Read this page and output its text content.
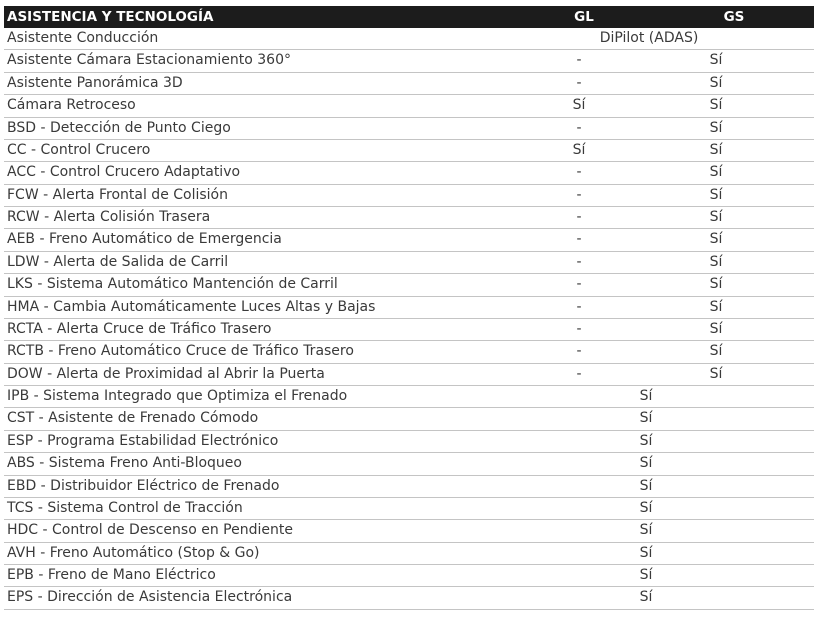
ASISTENCIA Y TECNOLOGÍA	GL	GS
Asistente Conducción	DiPilot (ADAS)
Asistente Cámara Estacionamiento 360°	-	Sí
Asistente Panorámica 3D	-	Sí
Cámara Retroceso	Sí	Sí
BSD - Detección de Punto Ciego	-	Sí
CC - Control Crucero	Sí	Sí
ACC - Control Crucero Adaptativo	-	Sí
FCW - Alerta Frontal de Colisión	-	Sí
RCW - Alerta Colisión Trasera	-	Sí
AEB - Freno Automático de Emergencia	-	Sí
LDW - Alerta de Salida de Carril	-	Sí
LKS - Sistema Automático Mantención de Carril	-	Sí
HMA - Cambia Automáticamente Luces Altas y Bajas	-	Sí
RCTA - Alerta Cruce de Tráfico Trasero	-	Sí
RCTB - Freno Automático Cruce de Tráfico Trasero	-	Sí
DOW - Alerta de Proximidad al Abrir la Puerta	-	Sí
IPB - Sistema Integrado que Optimiza el Frenado	Sí
CST - Asistente de Frenado Cómodo	Sí
ESP - Programa Estabilidad Electrónico	Sí
ABS - Sistema Freno Anti-Bloqueo	Sí
EBD - Distribuidor Eléctrico de Frenado	Sí
TCS - Sistema Control de Tracción	Sí
HDC - Control de Descenso en Pendiente	Sí
AVH - Freno Automático (Stop & Go)	Sí
EPB - Freno de Mano Eléctrico	Sí
EPS - Dirección de Asistencia Electrónica	Sí
